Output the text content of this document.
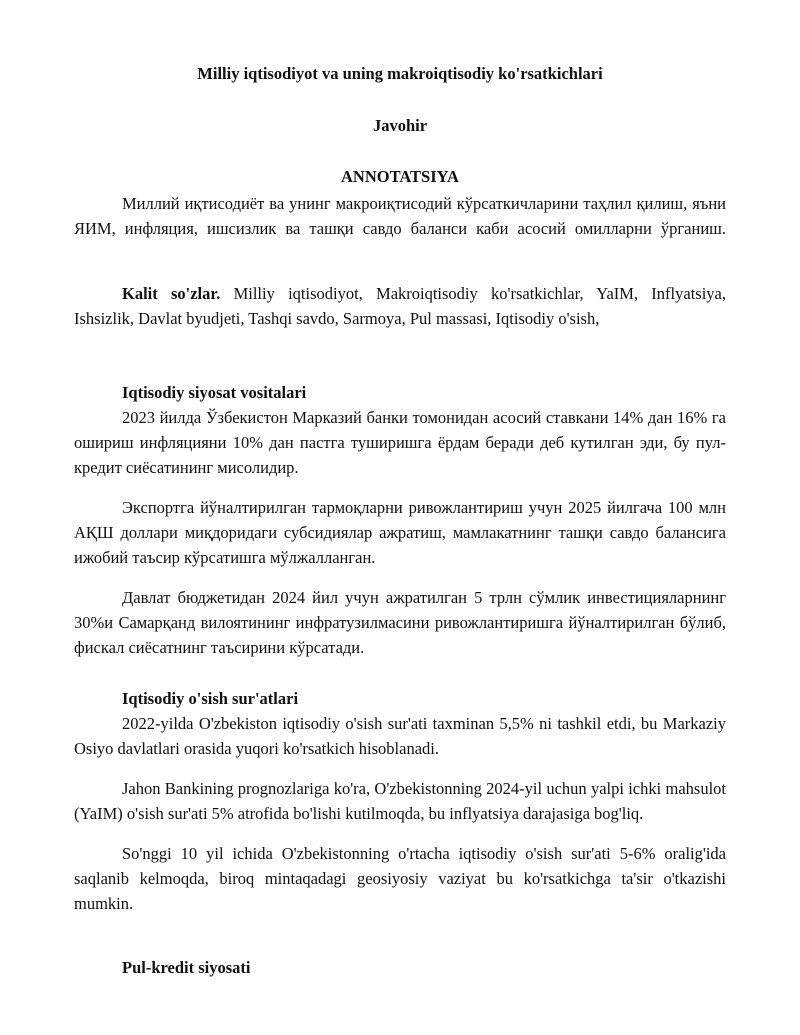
Milliy iqtisodiyot va uning makroiqtisodiy ko'rsatkichlari
Javohir
ANNOTATSIYA

Миллий иқтисодиёт ва унинг макроиқтисодий кўрсаткичларини таҳлил қилиш, яъни ЯИМ, инфляция, ишсизлик ва ташқи савдо баланси каби асосий омилларни ўрганиш.

Kalit so'zlar. Milliy iqtisodiyot, Makroiqtisodiy ko'rsatkichlar, YaIM, Inflyatsiya, Ishsizlik, Davlat byudjeti, Tashqi savdo, Sarmoya, Pul massasi, Iqtisodiy o'sish,

Iqtisodiy siyosat vositalari

2023 йилда Ўзбекистон Марказий банки томонидан асосий ставкани 14% дан 16% га ошириш инфляцияни 10% дан пастга туширишга ёрдам беради деб кутилган эди, бу пул-кредит сиёсатининг мисолидир.

Экспортга йўналтирилган тармоқларни ривожлантириш учун 2025 йилгача 100 млн АҚШ доллари миқдоридаги субсидиялар ажратиш, мамлакатнинг ташқи савдо балансига ижобий таъсир кўрсатишга мўлжалланган.

Давлат бюджетидан 2024 йил учун ажратилган 5 трлн сўмлик инвестицияларнинг 30%и Самарқанд вилоятининг инфратузилмасини ривожлантиришга йўналтирилган бўлиб, фискал сиёсатнинг таъсирини кўрсатади.

Iqtisodiy o'sish sur'atlari

2022-yilda O'zbekiston iqtisodiy o'sish sur'ati taxminan 5,5% ni tashkil etdi, bu Markaziy Osiyo davlatlari orasida yuqori ko'rsatkich hisoblanadi.

Jahon Bankining prognozlariga ko'ra, O'zbekistonning 2024-yil uchun yalpi ichki mahsulot (YaIM) o'sish sur'ati 5% atrofida bo'lishi kutilmoqda, bu inflyatsiya darajasiga bog'liq.

So'nggi 10 yil ichida O'zbekistonning o'rtacha iqtisodiy o'sish sur'ati 5-6% oralig'ida saqlanib kelmoqda, biroq mintaqadagi geosiyosiy vaziyat bu ko'rsatkichga ta'sir o'tkazishi mumkin.

Pul-kredit siyosati
